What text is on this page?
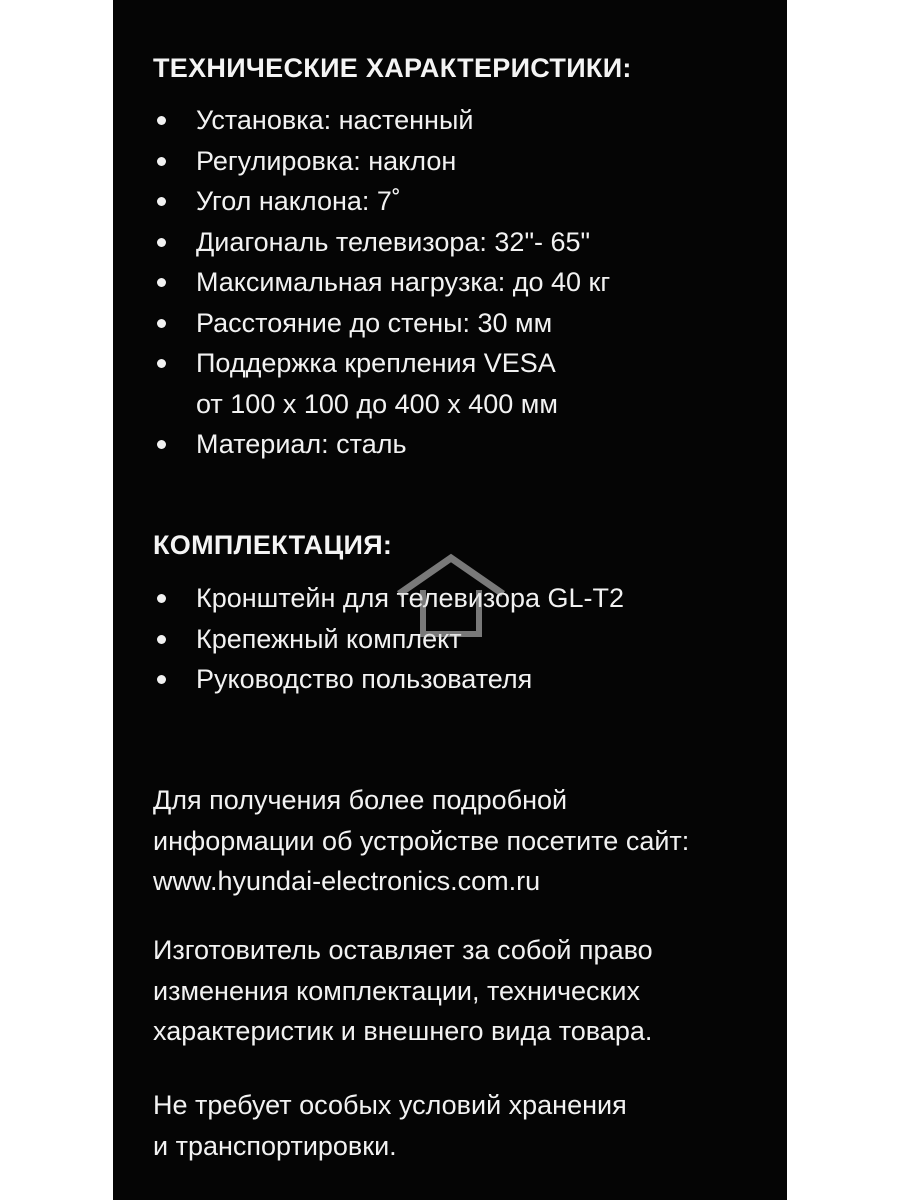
ТЕХНИЧЕСКИЕ ХАРАКТЕРИСТИКИ:
Установка: настенный
Регулировка: наклон
Угол наклона: 7˚
Диагональ телевизора: 32"- 65"
Максимальная нагрузка: до 40 кг
Расстояние до стены: 30 мм
Поддержка крепления VESA
от 100 х 100 до 400 х 400 мм
Материал: сталь
КОМПЛЕКТАЦИЯ:
Кронштейн для телевизора GL-T2
Крепежный комплект
Руководство пользователя

Для получения более подробной
информации об устройстве посетите сайт:
www.hyundai-electronics.com.ru

Изготовитель оставляет за собой право
изменения комплектации, технических
характеристик и внешнего вида товара.

Не требует особых условий хранения
и транспортировки.
